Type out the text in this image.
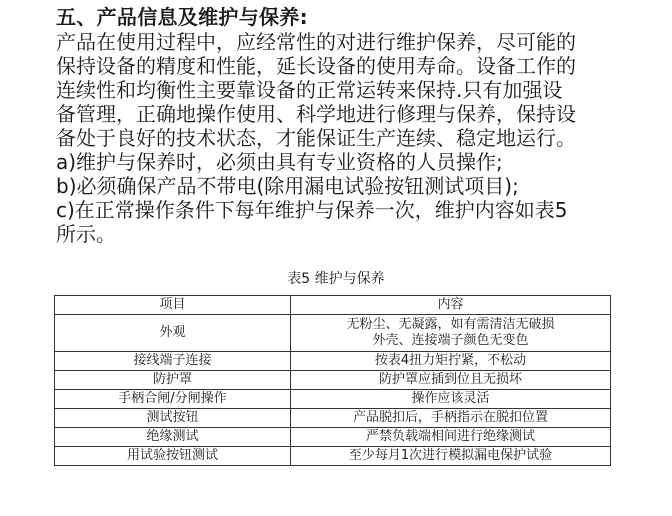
五、产品信息及维护与保养:

产品在使用过程中，应经常性的对进行维护保养，尽可能的

保持设备的精度和性能，延长设备的使用寿命。设备工作的

连续性和均衡性主要靠设备的正常运转来保持.只有加强设

备管理，正确地操作使用、科学地进行修理与保养，保持设

备处于良好的技术状态，才能保证生产连续、稳定地运行。

a)维护与保养时，必须由具有专业资格的人员操作;

b)必须确保产品不带电(除用漏电试验按钮测试项目);

c)在正常操作条件下每年维护与保养一次，维护内容如表5

所示。

表5 维护与保养
项目	内容
外观	无粉尘、无凝露，如有需清洁无破损
外壳、连接端子颜色无变色

接线端子连接	按表4扭力矩拧紧，不松动
防护罩	防护罩应插到位且无损坏
手柄合闸/分闸操作	操作应该灵活
测试按钮	产品脱扣后，手柄指示在脱扣位置
绝缘测试	严禁负载端相间进行绝缘测试
用试验按钮测试	至少每月1次进行模拟漏电保护试验
